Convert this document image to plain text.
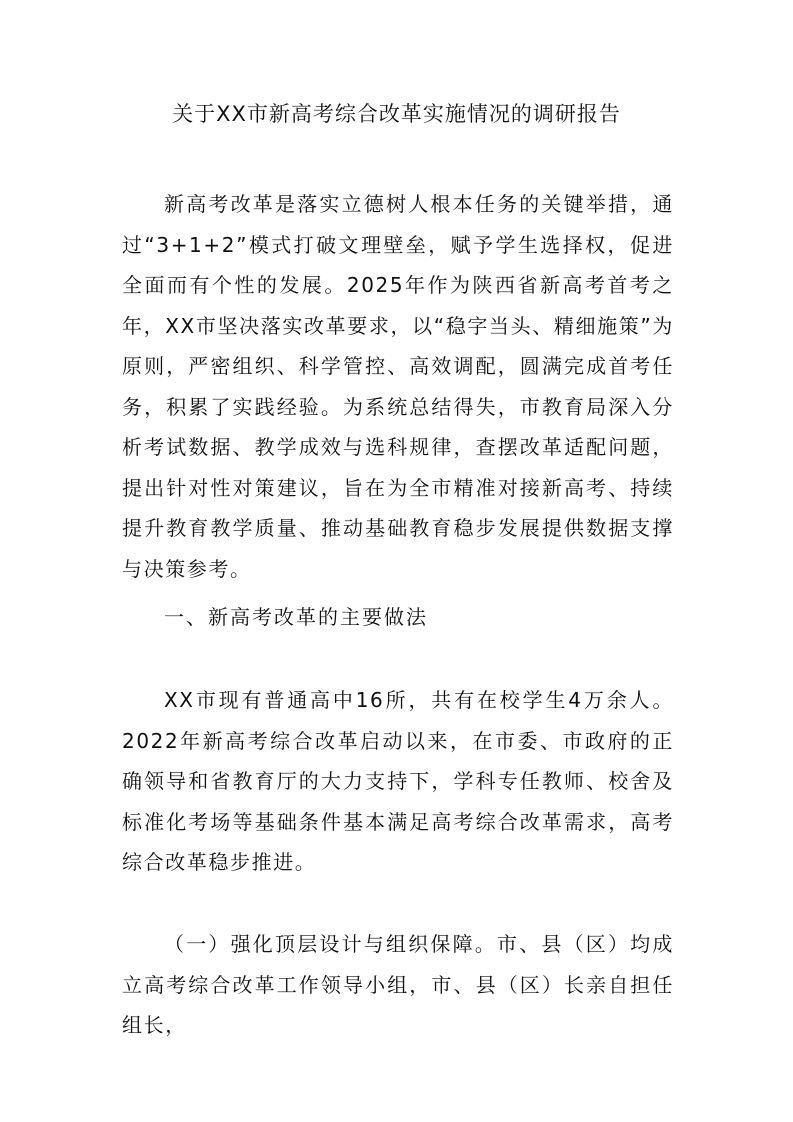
关于XX市新高考综合改革实施情况的调研报告

新高考改革是落实立德树人根本任务的关键举措，通过“3+1+2”模式打破文理壁垒，赋予学生选择权，促进全面而有个性的发展。2025年作为陕西省新高考首考之年，XX市坚决落实改革要求，以“稳字当头、精细施策”为原则，严密组织、科学管控、高效调配，圆满完成首考任务，积累了实践经验。为系统总结得失，市教育局深入分析考试数据、教学成效与选科规律，查摆改革适配问题，提出针对性对策建议，旨在为全市精准对接新高考、持续提升教育教学质量、推动基础教育稳步发展提供数据支撑与决策参考。

一、新高考改革的主要做法

XX市现有普通高中16所，共有在校学生4万余人。2022年新高考综合改革启动以来，在市委、市政府的正确领导和省教育厅的大力支持下，学科专任教师、校舍及标准化考场等基础条件基本满足高考综合改革需求，高考综合改革稳步推进。

（一）强化顶层设计与组织保障。市、县（区）均成立高考综合改革工作领导小组，市、县（区）长亲自担任组长，
